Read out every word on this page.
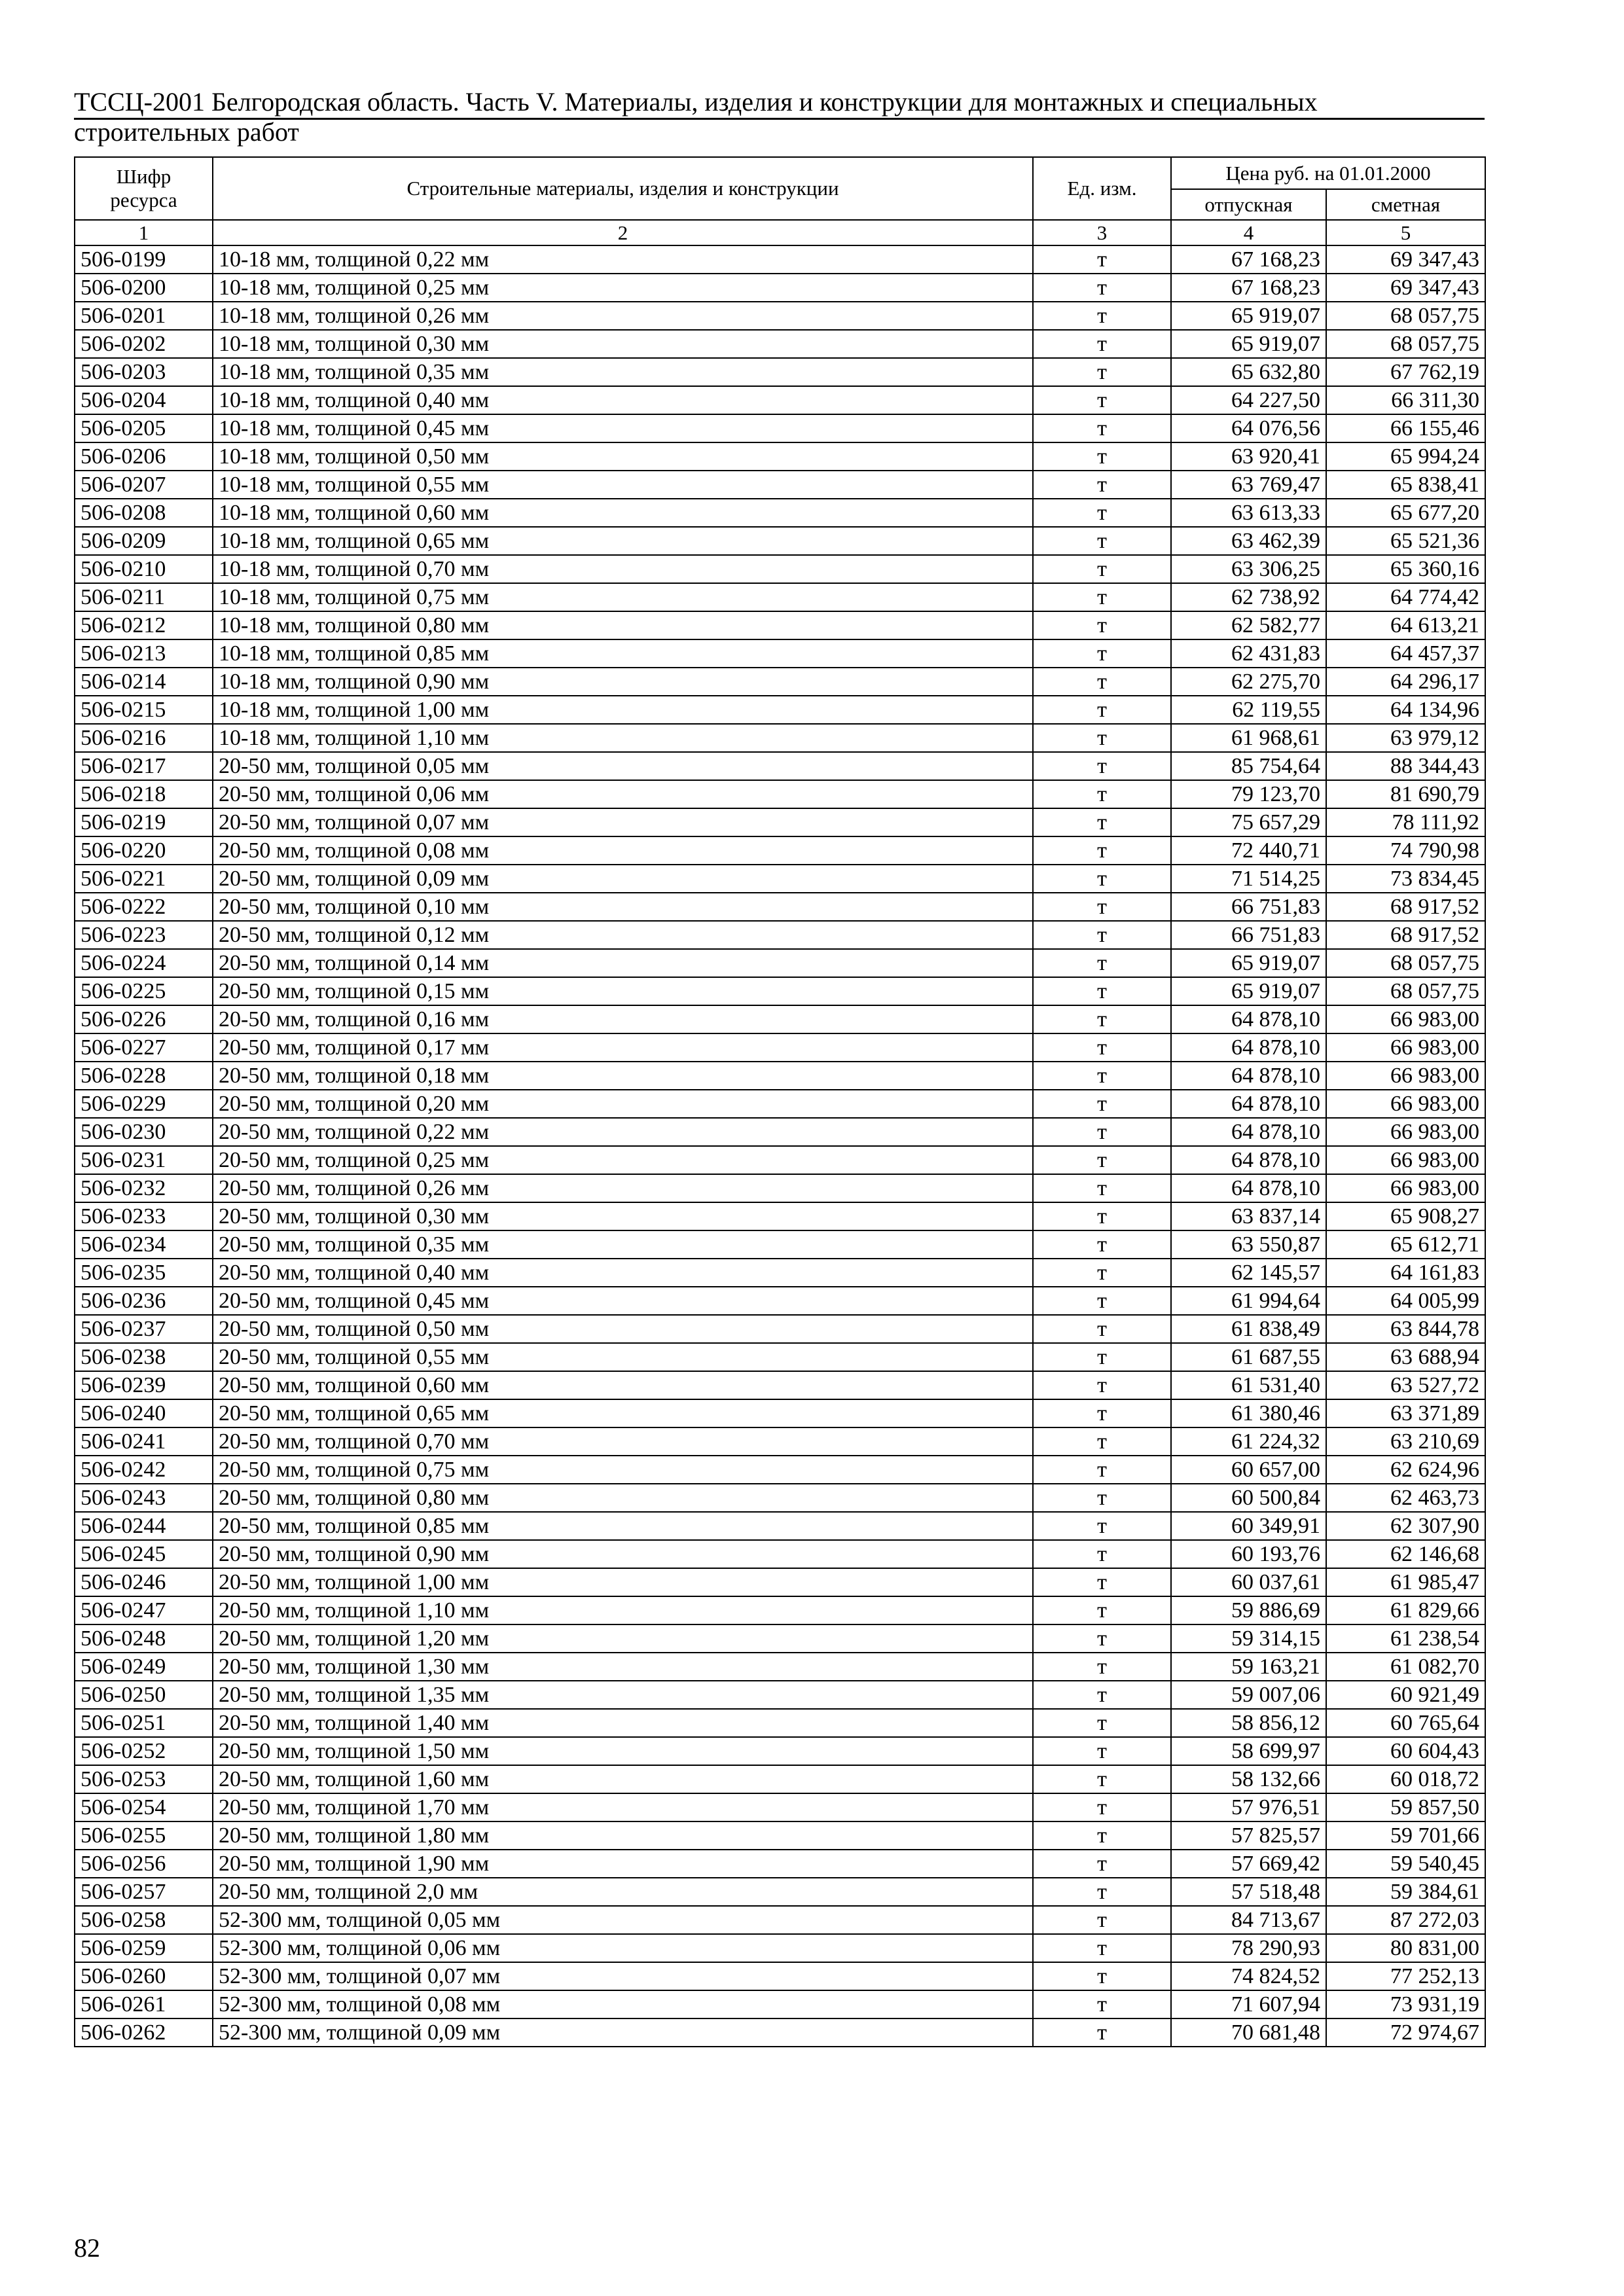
ТССЦ-2001 Белгородская область. Часть V. Материалы, изделия и конструкции для монтажных и специальных
строительных работ
Шифр ресурса	Строительные материалы, изделия и конструкции	Ед. изм.	Цена руб. на 01.01.2000	
			отпускная	сметная
1	2	3	4	5
506-0199	10-18 мм, толщиной 0,22 мм	т	67 168,23	69 347,43
506-0200	10-18 мм, толщиной 0,25 мм	т	67 168,23	69 347,43
506-0201	10-18 мм, толщиной 0,26 мм	т	65 919,07	68 057,75
506-0202	10-18 мм, толщиной 0,30 мм	т	65 919,07	68 057,75
506-0203	10-18 мм, толщиной 0,35 мм	т	65 632,80	67 762,19
506-0204	10-18 мм, толщиной 0,40 мм	т	64 227,50	66 311,30
506-0205	10-18 мм, толщиной 0,45 мм	т	64 076,56	66 155,46
506-0206	10-18 мм, толщиной 0,50 мм	т	63 920,41	65 994,24
506-0207	10-18 мм, толщиной 0,55 мм	т	63 769,47	65 838,41
506-0208	10-18 мм, толщиной 0,60 мм	т	63 613,33	65 677,20
506-0209	10-18 мм, толщиной 0,65 мм	т	63 462,39	65 521,36
506-0210	10-18 мм, толщиной 0,70 мм	т	63 306,25	65 360,16
506-0211	10-18 мм, толщиной 0,75 мм	т	62 738,92	64 774,42
506-0212	10-18 мм, толщиной 0,80 мм	т	62 582,77	64 613,21
506-0213	10-18 мм, толщиной 0,85 мм	т	62 431,83	64 457,37
506-0214	10-18 мм, толщиной 0,90 мм	т	62 275,70	64 296,17
506-0215	10-18 мм, толщиной 1,00 мм	т	62 119,55	64 134,96
506-0216	10-18 мм, толщиной 1,10 мм	т	61 968,61	63 979,12
506-0217	20-50 мм, толщиной 0,05 мм	т	85 754,64	88 344,43
506-0218	20-50 мм, толщиной 0,06 мм	т	79 123,70	81 690,79
506-0219	20-50 мм, толщиной 0,07 мм	т	75 657,29	78 111,92
506-0220	20-50 мм, толщиной 0,08 мм	т	72 440,71	74 790,98
506-0221	20-50 мм, толщиной 0,09 мм	т	71 514,25	73 834,45
506-0222	20-50 мм, толщиной 0,10 мм	т	66 751,83	68 917,52
506-0223	20-50 мм, толщиной 0,12 мм	т	66 751,83	68 917,52
506-0224	20-50 мм, толщиной 0,14 мм	т	65 919,07	68 057,75
506-0225	20-50 мм, толщиной 0,15 мм	т	65 919,07	68 057,75
506-0226	20-50 мм, толщиной 0,16 мм	т	64 878,10	66 983,00
506-0227	20-50 мм, толщиной 0,17 мм	т	64 878,10	66 983,00
506-0228	20-50 мм, толщиной 0,18 мм	т	64 878,10	66 983,00
506-0229	20-50 мм, толщиной 0,20 мм	т	64 878,10	66 983,00
506-0230	20-50 мм, толщиной 0,22 мм	т	64 878,10	66 983,00
506-0231	20-50 мм, толщиной 0,25 мм	т	64 878,10	66 983,00
506-0232	20-50 мм, толщиной 0,26 мм	т	64 878,10	66 983,00
506-0233	20-50 мм, толщиной 0,30 мм	т	63 837,14	65 908,27
506-0234	20-50 мм, толщиной 0,35 мм	т	63 550,87	65 612,71
506-0235	20-50 мм, толщиной 0,40 мм	т	62 145,57	64 161,83
506-0236	20-50 мм, толщиной 0,45 мм	т	61 994,64	64 005,99
506-0237	20-50 мм, толщиной 0,50 мм	т	61 838,49	63 844,78
506-0238	20-50 мм, толщиной 0,55 мм	т	61 687,55	63 688,94
506-0239	20-50 мм, толщиной 0,60 мм	т	61 531,40	63 527,72
506-0240	20-50 мм, толщиной 0,65 мм	т	61 380,46	63 371,89
506-0241	20-50 мм, толщиной 0,70 мм	т	61 224,32	63 210,69
506-0242	20-50 мм, толщиной 0,75 мм	т	60 657,00	62 624,96
506-0243	20-50 мм, толщиной 0,80 мм	т	60 500,84	62 463,73
506-0244	20-50 мм, толщиной 0,85 мм	т	60 349,91	62 307,90
506-0245	20-50 мм, толщиной 0,90 мм	т	60 193,76	62 146,68
506-0246	20-50 мм, толщиной 1,00 мм	т	60 037,61	61 985,47
506-0247	20-50 мм, толщиной 1,10 мм	т	59 886,69	61 829,66
506-0248	20-50 мм, толщиной 1,20 мм	т	59 314,15	61 238,54
506-0249	20-50 мм, толщиной 1,30 мм	т	59 163,21	61 082,70
506-0250	20-50 мм, толщиной 1,35 мм	т	59 007,06	60 921,49
506-0251	20-50 мм, толщиной 1,40 мм	т	58 856,12	60 765,64
506-0252	20-50 мм, толщиной 1,50 мм	т	58 699,97	60 604,43
506-0253	20-50 мм, толщиной 1,60 мм	т	58 132,66	60 018,72
506-0254	20-50 мм, толщиной 1,70 мм	т	57 976,51	59 857,50
506-0255	20-50 мм, толщиной 1,80 мм	т	57 825,57	59 701,66
506-0256	20-50 мм, толщиной 1,90 мм	т	57 669,42	59 540,45
506-0257	20-50 мм, толщиной 2,0 мм	т	57 518,48	59 384,61
506-0258	52-300 мм, толщиной 0,05 мм	т	84 713,67	87 272,03
506-0259	52-300 мм, толщиной 0,06 мм	т	78 290,93	80 831,00
506-0260	52-300 мм, толщиной 0,07 мм	т	74 824,52	77 252,13
506-0261	52-300 мм, толщиной 0,08 мм	т	71 607,94	73 931,19
506-0262	52-300 мм, толщиной 0,09 мм	т	70 681,48	72 974,67
82
